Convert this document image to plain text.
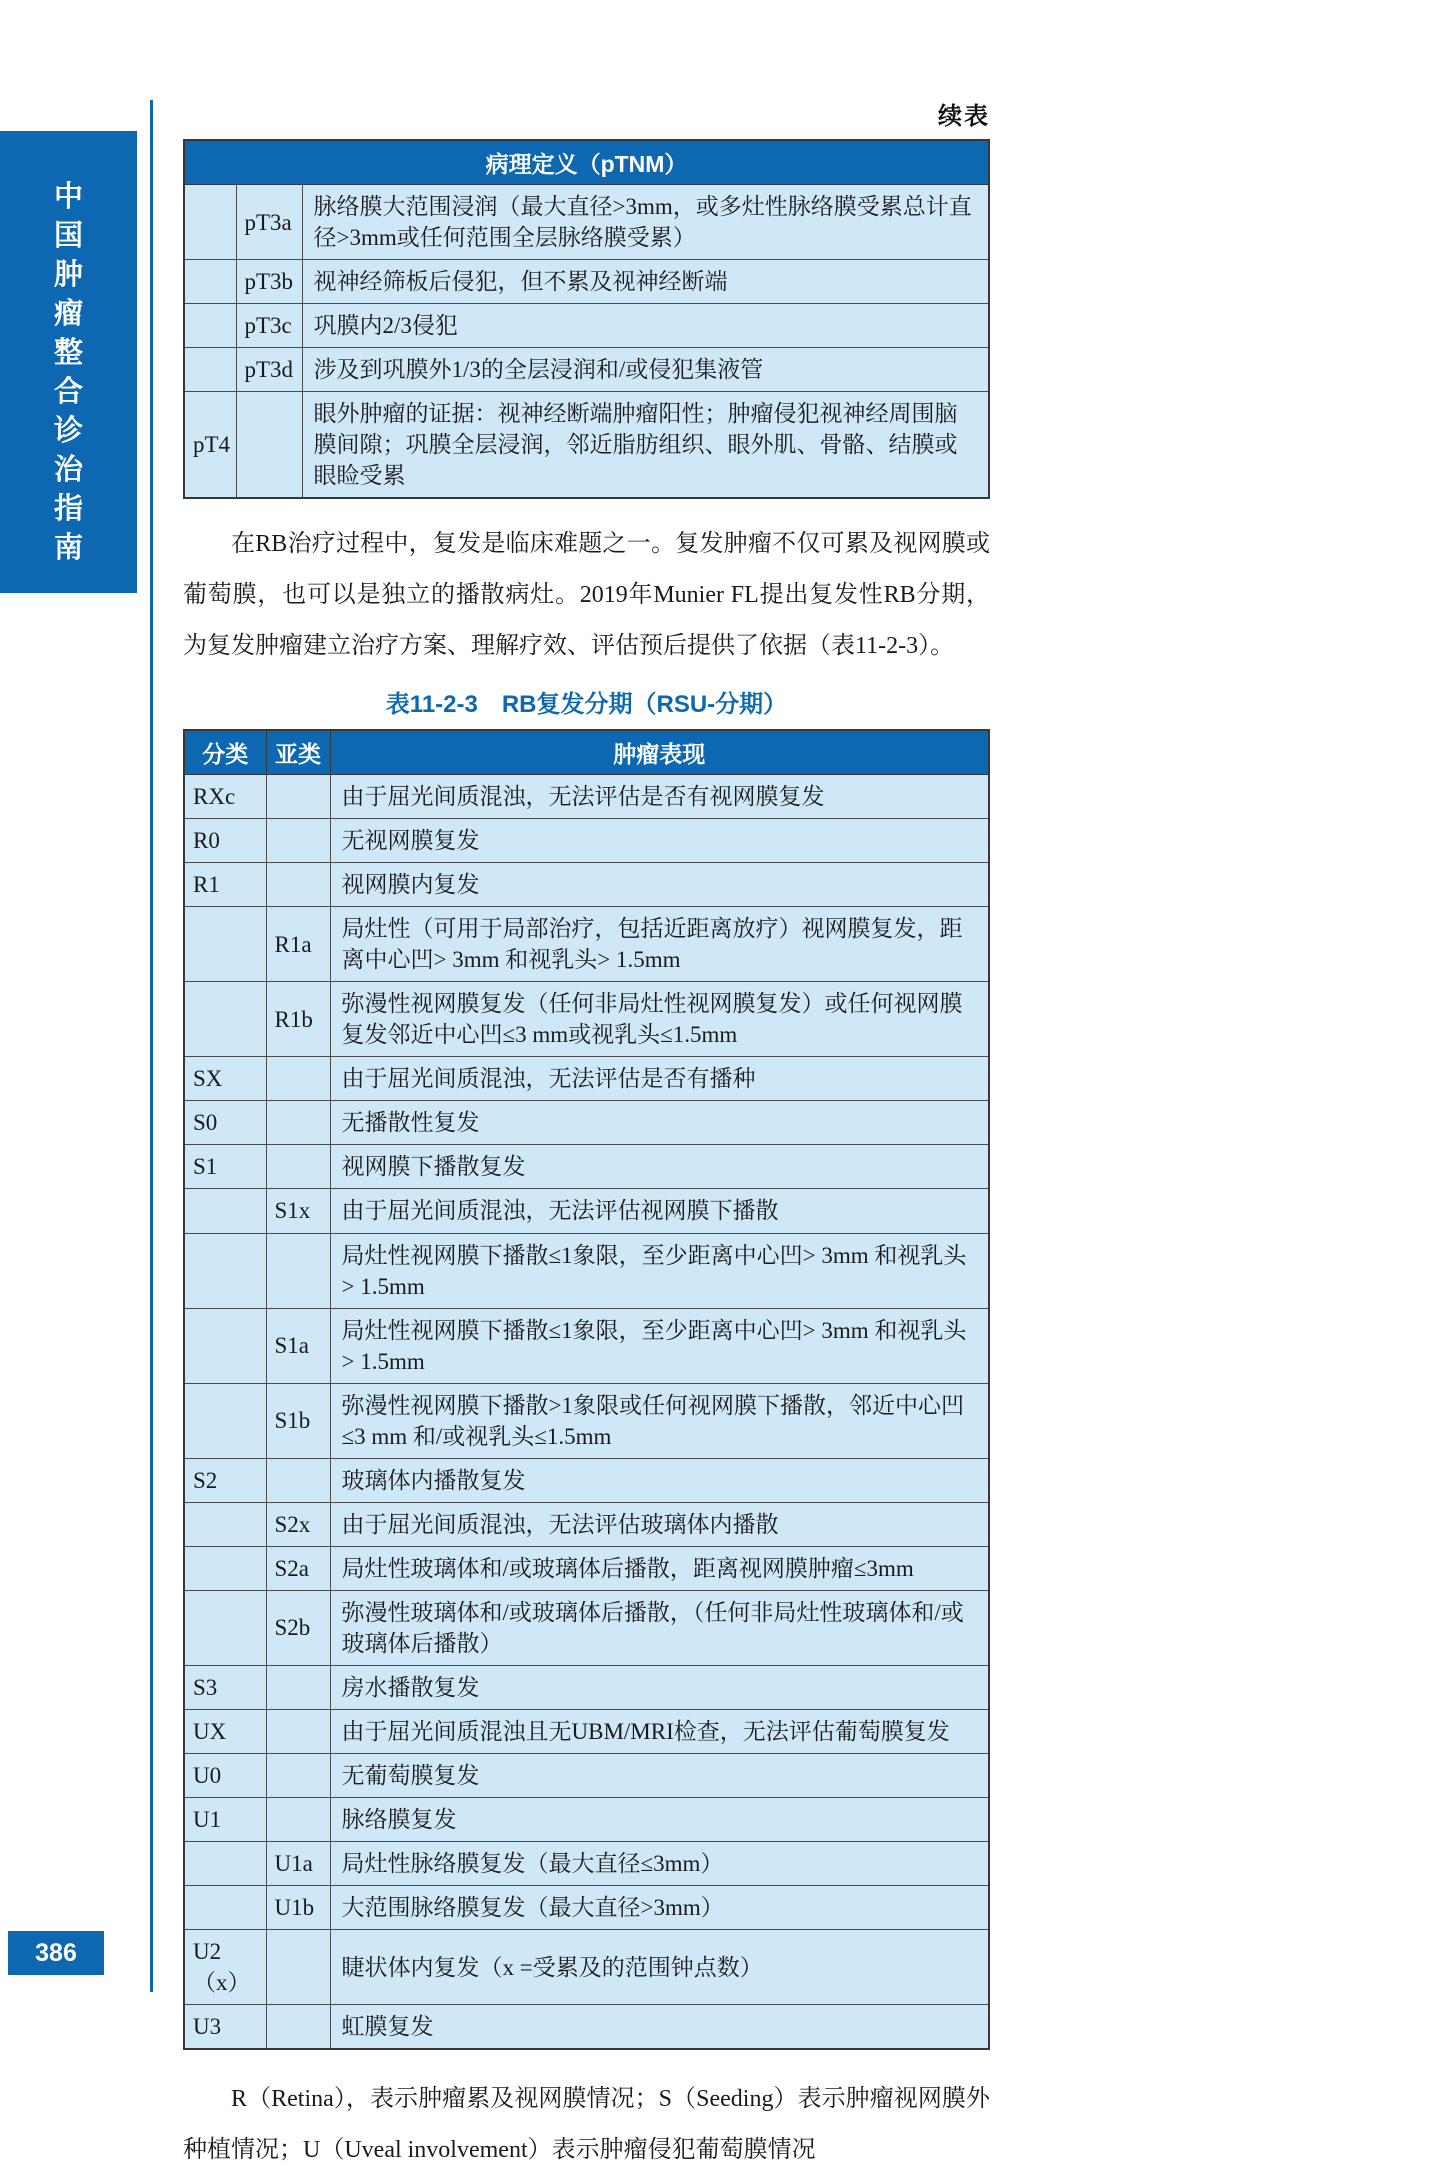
中
国
肿
瘤
整
合
诊
治
指
南
386
续表
病理定义（pTNM）		
	pT3a	脉络膜大范围浸润（最大直径>3mm，或多灶性脉络膜受累总计直径>3mm或任何范围全层脉络膜受累）
	pT3b	视神经筛板后侵犯，但不累及视神经断端
	pT3c	巩膜内2/3侵犯
	pT3d	涉及到巩膜外1/3的全层浸润和/或侵犯集液管
pT4		眼外肿瘤的证据：视神经断端肿瘤阳性；肿瘤侵犯视神经周围脑膜间隙；巩膜全层浸润，邻近脂肪组织、眼外肌、骨骼、结膜或眼睑受累

在RB治疗过程中，复发是临床难题之一。复发肿瘤不仅可累及视网膜或葡萄膜，也可以是独立的播散病灶。2019年Munier FL提出复发性RB分期，为复发肿瘤建立治疗方案、理解疗效、评估预后提供了依据（表11-2-3）。

表11-2-3　RB复发分期（RSU-分期）
分类	亚类	肿瘤表现
RXc		由于屈光间质混浊，无法评估是否有视网膜复发
R0		无视网膜复发
R1		视网膜内复发
	R1a	局灶性（可用于局部治疗，包括近距离放疗）视网膜复发，距离中心凹> 3mm 和视乳头> 1.5mm
	R1b	弥漫性视网膜复发（任何非局灶性视网膜复发）或任何视网膜复发邻近中心凹≤3 mm或视乳头≤1.5mm
SX		由于屈光间质混浊，无法评估是否有播种
S0		无播散性复发
S1		视网膜下播散复发
	S1x	由于屈光间质混浊，无法评估视网膜下播散
		局灶性视网膜下播散≤1象限，至少距离中心凹> 3mm 和视乳头> 1.5mm
	S1a	局灶性视网膜下播散≤1象限，至少距离中心凹> 3mm 和视乳头> 1.5mm
	S1b	弥漫性视网膜下播散>1象限或任何视网膜下播散，邻近中心凹≤3 mm 和/或视乳头≤1.5mm
S2		玻璃体内播散复发
	S2x	由于屈光间质混浊，无法评估玻璃体内播散
	S2a	局灶性玻璃体和/或玻璃体后播散，距离视网膜肿瘤≤3mm
	S2b	弥漫性玻璃体和/或玻璃体后播散，（任何非局灶性玻璃体和/或玻璃体后播散）
S3		房水播散复发
UX		由于屈光间质混浊且无UBM/MRI检查，无法评估葡萄膜复发
U0		无葡萄膜复发
U1		脉络膜复发
	U1a	局灶性脉络膜复发（最大直径≤3mm）
	U1b	大范围脉络膜复发（最大直径>3mm）
U2（x）		睫状体内复发（x =受累及的范围钟点数）
U3		虹膜复发

R（Retina），表示肿瘤累及视网膜情况；S（Seeding）表示肿瘤视网膜外种植情况；U（Uveal involvement）表示肿瘤侵犯葡萄膜情况
